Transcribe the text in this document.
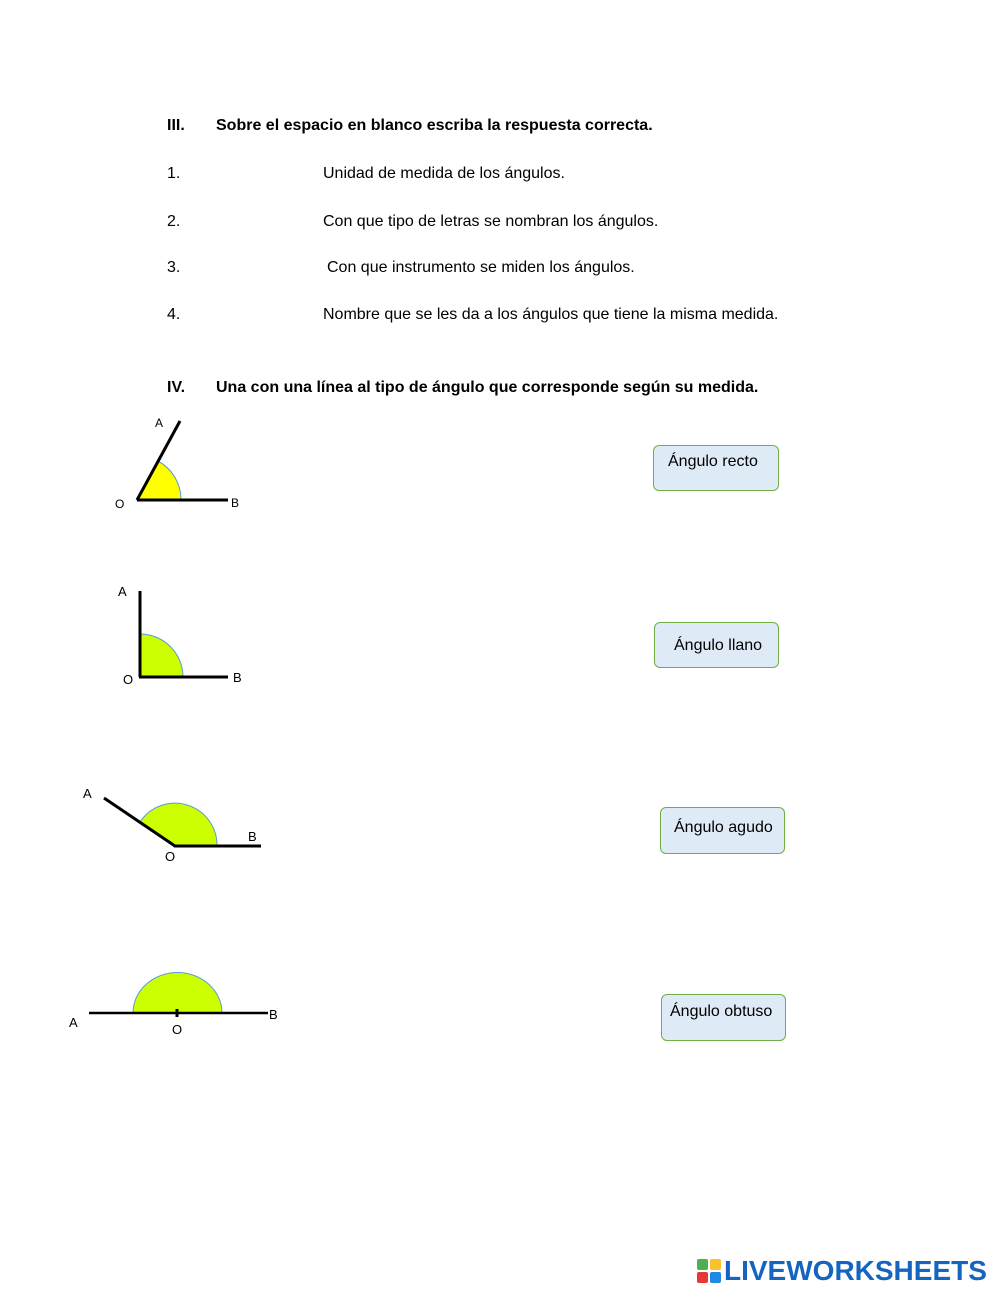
III. Sobre el espacio en blanco escriba la respuesta correcta.
1.	Unidad de medida de los ángulos.
2.	Con que tipo de letras se nombran los ángulos.
3.	Con que instrumento se miden los ángulos.
4.	Nombre que se les da a los ángulos que tiene la misma medida.
IV. Una con una línea al tipo de ángulo que corresponde según su medida.
A
O	B
A
O	B
A
O
B
A	O
B
Ángulo recto
Ángulo llano
Ángulo agudo
Ángulo obtuso
LIVEWORKSHEETS
